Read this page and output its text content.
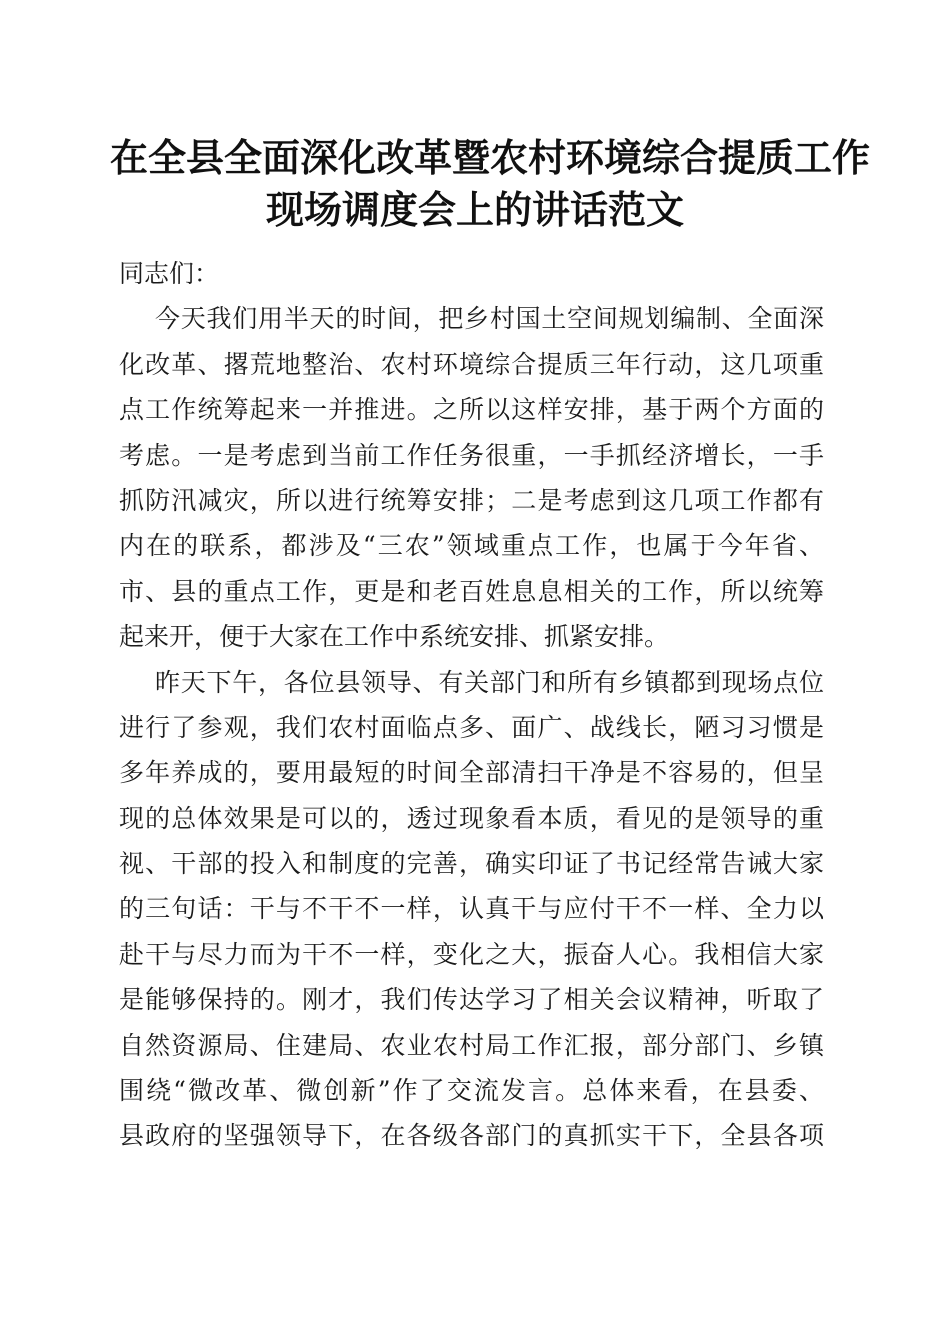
在全县全面深化改革暨农村环境综合提质工作
现场调度会上的讲话范文
同志们：
今天我们用半天的时间，把乡村国土空间规划编制、全面深
化改革、撂荒地整治、农村环境综合提质三年行动，这几项重
点工作统筹起来一并推进。之所以这样安排，基于两个方面的
考虑。一是考虑到当前工作任务很重，一手抓经济增长，一手
抓防汛减灾，所以进行统筹安排；二是考虑到这几项工作都有
内在的联系，都涉及“三农”领域重点工作，也属于今年省、
市、县的重点工作，更是和老百姓息息相关的工作，所以统筹
起来开，便于大家在工作中系统安排、抓紧安排。
昨天下午，各位县领导、有关部门和所有乡镇都到现场点位
进行了参观，我们农村面临点多、面广、战线长，陋习习惯是
多年养成的，要用最短的时间全部清扫干净是不容易的，但呈
现的总体效果是可以的，透过现象看本质，看见的是领导的重
视、干部的投入和制度的完善，确实印证了书记经常告诫大家
的三句话：干与不干不一样，认真干与应付干不一样、全力以
赴干与尽力而为干不一样，变化之大，振奋人心。我相信大家
是能够保持的。刚才，我们传达学习了相关会议精神，听取了
自然资源局、住建局、农业农村局工作汇报，部分部门、乡镇
围绕“微改革、微创新”作了交流发言。总体来看，在县委、
县政府的坚强领导下，在各级各部门的真抓实干下，全县各项
